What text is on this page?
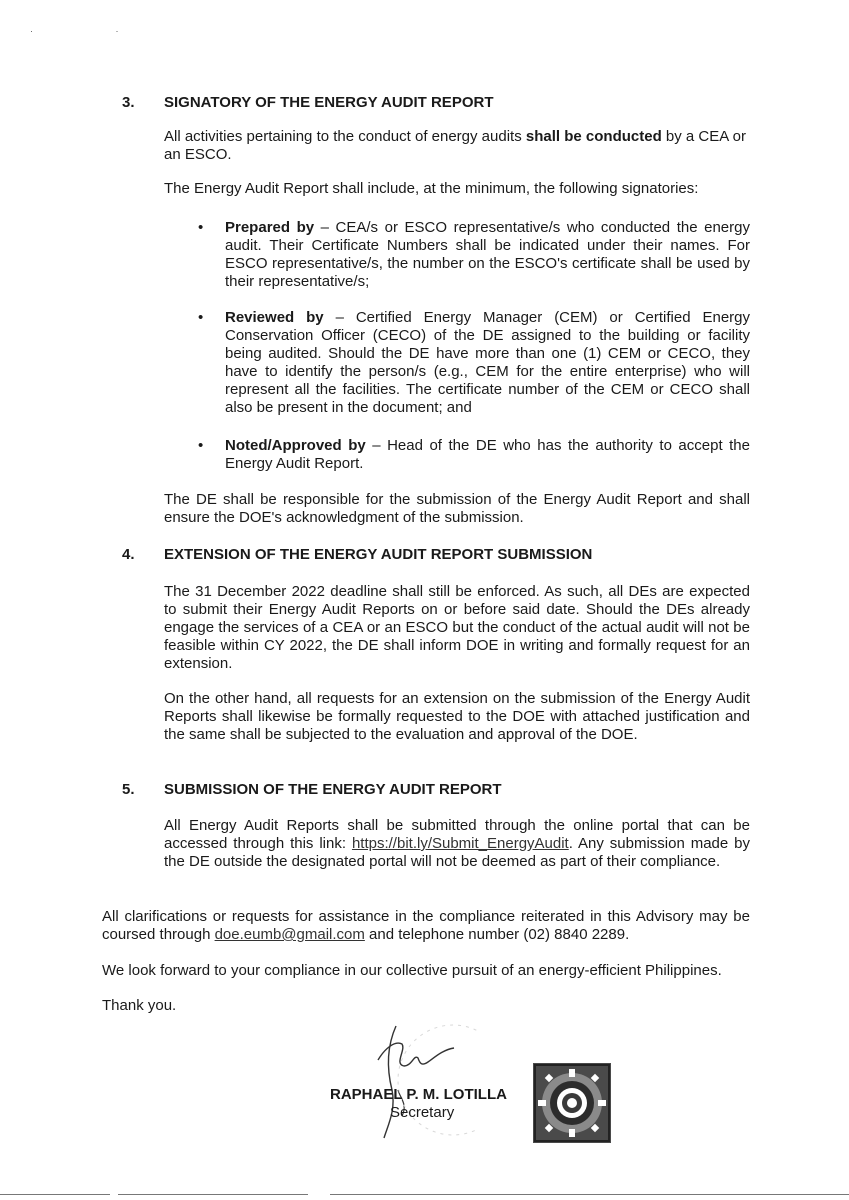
· ·
3. SIGNATORY OF THE ENERGY AUDIT REPORT
All activities pertaining to the conduct of energy audits shall be conducted by a CEA or an ESCO.
The Energy Audit Report shall include, at the minimum, the following signatories:
• Prepared by – CEA/s or ESCO representative/s who conducted the energy audit. Their Certificate Numbers shall be indicated under their names. For ESCO representative/s, the number on the ESCO's certificate shall be used by their representative/s;
• Reviewed by – Certified Energy Manager (CEM) or Certified Energy Conservation Officer (CECO) of the DE assigned to the building or facility being audited. Should the DE have more than one (1) CEM or CECO, they have to identify the person/s (e.g., CEM for the entire enterprise) who will represent all the facilities. The certificate number of the CEM or CECO shall also be present in the document; and
• Noted/Approved by – Head of the DE who has the authority to accept the Energy Audit Report.
The DE shall be responsible for the submission of the Energy Audit Report and shall ensure the DOE's acknowledgment of the submission.
4. EXTENSION OF THE ENERGY AUDIT REPORT SUBMISSION
The 31 December 2022 deadline shall still be enforced. As such, all DEs are expected to submit their Energy Audit Reports on or before said date. Should the DEs already engage the services of a CEA or an ESCO but the conduct of the actual audit will not be feasible within CY 2022, the DE shall inform DOE in writing and formally request for an extension.
On the other hand, all requests for an extension on the submission of the Energy Audit Reports shall likewise be formally requested to the DOE with attached justification and the same shall be subjected to the evaluation and approval of the DOE.
5. SUBMISSION OF THE ENERGY AUDIT REPORT
All Energy Audit Reports shall be submitted through the online portal that can be accessed through this link: https://bit.ly/Submit_EnergyAudit. Any submission made by the DE outside the designated portal will not be deemed as part of their compliance.
All clarifications or requests for assistance in the compliance reiterated in this Advisory may be coursed through doe.eumb@gmail.com and telephone number (02) 8840 2289.
We look forward to your compliance in our collective pursuit of an energy-efficient Philippines.
Thank you.
RAPHAEL P. M. LOTILLA
Secretary
